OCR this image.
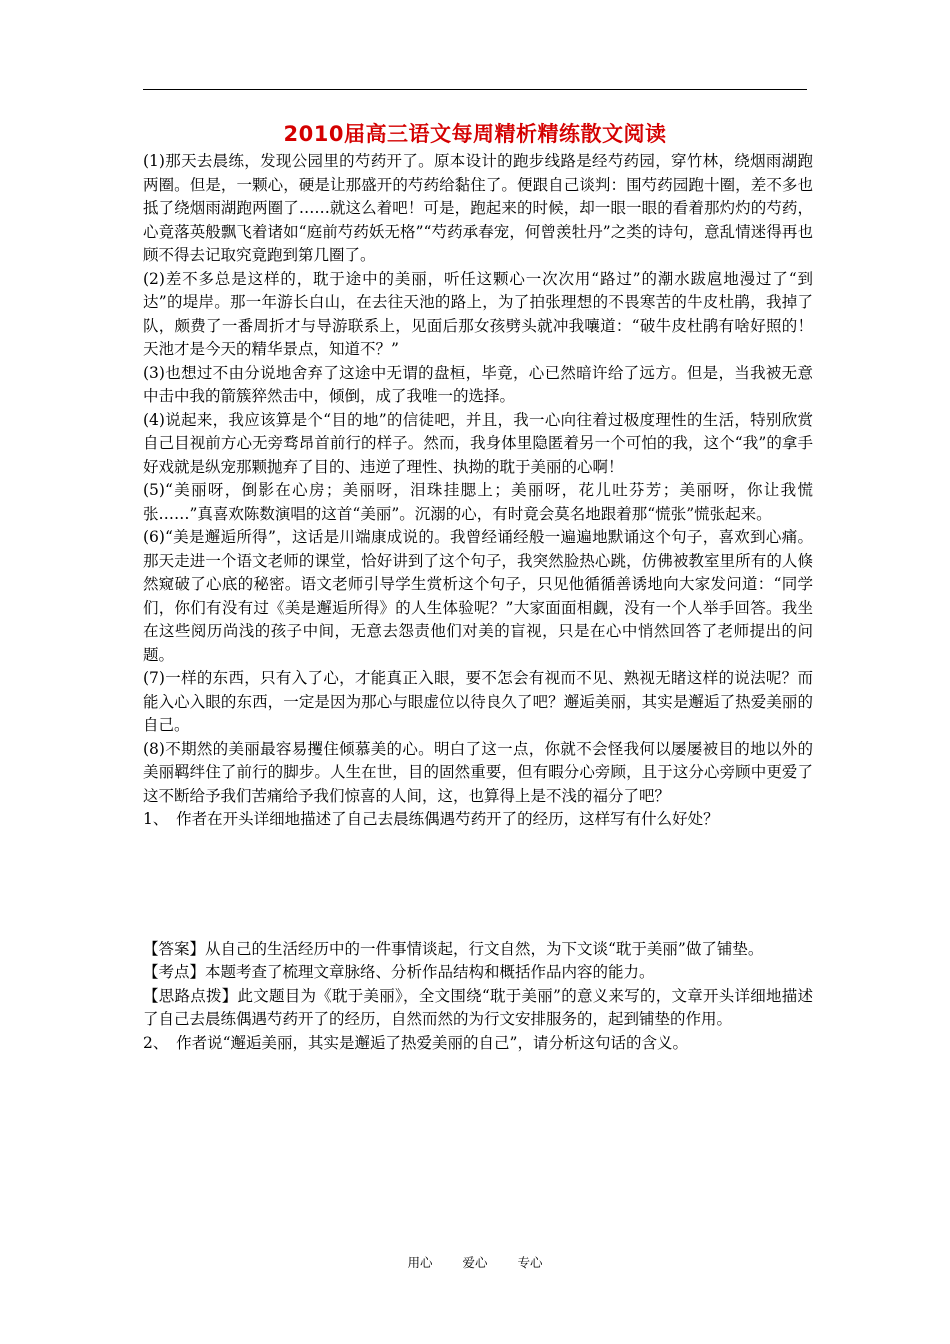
2010届高三语文每周精析精练散文阅读

(1)那天去晨练，发现公园里的芍药开了。原本设计的跑步线路是经芍药园，穿竹林，绕烟雨湖跑两圈。但是，一颗心，硬是让那盛开的芍药给黏住了。便跟自己谈判：围芍药园跑十圈，差不多也抵了绕烟雨湖跑两圈了……就这么着吧！可是，跑起来的时候，却一眼一眼的看着那灼灼的芍药，心竟落英般飘飞着诸如“庭前芍药妖无格”“芍药承春宠，何曾羡牡丹”之类的诗句，意乱情迷得再也顾不得去记取究竟跑到第几圈了。

(2)差不多总是这样的，耽于途中的美丽，听任这颗心一次次用“路过”的潮水跋扈地漫过了“到达”的堤岸。那一年游长白山，在去往天池的路上，为了拍张理想的不畏寒苦的牛皮杜鹃，我掉了队，颇费了一番周折才与导游联系上，见面后那女孩劈头就冲我嚷道：“破牛皮杜鹃有啥好照的！天池才是今天的精华景点，知道不？”

(3)也想过不由分说地舍弃了这途中无谓的盘桓，毕竟，心已然暗许给了远方。但是，当我被无意中击中我的箭簇猝然击中，倾倒，成了我唯一的选择。

(4)说起来，我应该算是个“目的地”的信徒吧，并且，我一心向往着过极度理性的生活，特别欣赏自己目视前方心无旁骛昂首前行的样子。然而，我身体里隐匿着另一个可怕的我，这个“我”的拿手好戏就是纵宠那颗抛弃了目的、违逆了理性、执拗的耽于美丽的心啊！

(5)“美丽呀，倒影在心房；美丽呀，泪珠挂腮上；美丽呀，花儿吐芬芳；美丽呀，你让我慌张……”真喜欢陈数演唱的这首“美丽”。沉溺的心，有时竟会莫名地跟着那“慌张”慌张起来。

(6)“美是邂逅所得”，这话是川端康成说的。我曾经诵经般一遍遍地默诵这个句子，喜欢到心痛。那天走进一个语文老师的课堂，恰好讲到了这个句子，我突然脸热心跳，仿佛被教室里所有的人倏然窥破了心底的秘密。语文老师引导学生赏析这个句子，只见他循循善诱地向大家发问道：“同学们，你们有没有过《美是邂逅所得》的人生体验呢？”大家面面相觑，没有一个人举手回答。我坐在这些阅历尚浅的孩子中间，无意去怨责他们对美的盲视，只是在心中悄然回答了老师提出的问题。

(7)一样的东西，只有入了心，才能真正入眼，要不怎会有视而不见、熟视无睹这样的说法呢？而能入心入眼的东西，一定是因为那心与眼虚位以待良久了吧？邂逅美丽，其实是邂逅了热爱美丽的自己。

(8)不期然的美丽最容易攫住倾慕美的心。明白了这一点，你就不会怪我何以屡屡被目的地以外的美丽羁绊住了前行的脚步。人生在世，目的固然重要，但有暇分心旁顾，且于这分心旁顾中更爱了这不断给予我们苦痛给予我们惊喜的人间，这，也算得上是不浅的福分了吧？

1、　作者在开头详细地描述了自己去晨练偶遇芍药开了的经历，这样写有什么好处？

【答案】从自己的生活经历中的一件事情谈起，行文自然，为下文谈“耽于美丽”做了铺垫。

【考点】本题考查了梳理文章脉络、分析作品结构和概括作品内容的能力。

【思路点拨】此文题目为《耽于美丽》，全文围绕“耽于美丽”的意义来写的，文章开头详细地描述了自己去晨练偶遇芍药开了的经历，自然而然的为行文安排服务的，起到铺垫的作用。

2、　作者说“邂逅美丽，其实是邂逅了热爱美丽的自己”，请分析这句话的含义。

用心 爱心 专心
